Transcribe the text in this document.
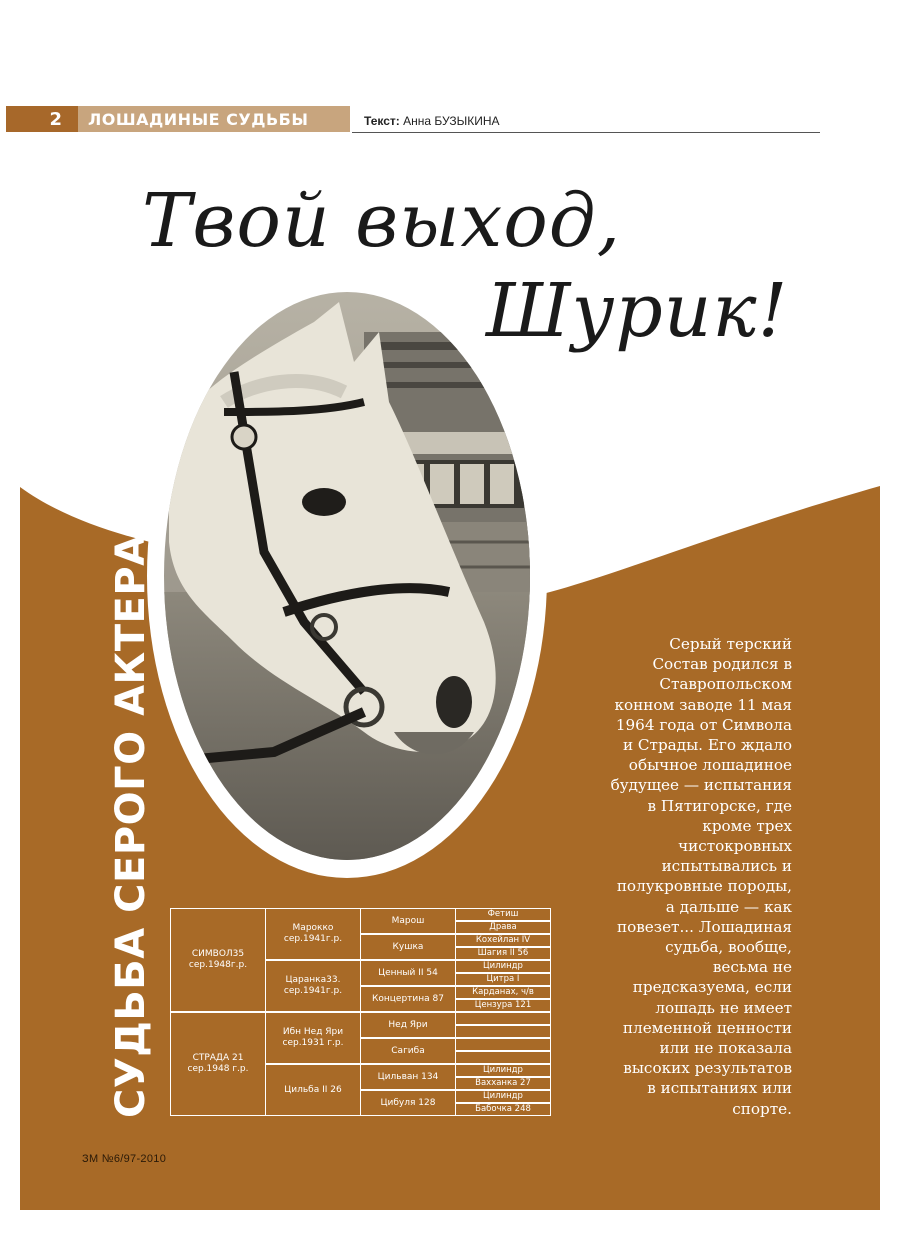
2 ЛОШАДИНЫЕ СУДЬБЫ	Текст: Анна БУЗЫКИНА
Твой выход,
Шурик!
СУДЬБА СЕРОГО АКТЕРА	СИМВОЛ35
сер.1948г.р.
СТРАДА 21
сер.1948 г.р.
Марокко
сер.1941г.р.
Царанка33.
сер.1941г.р.
Ибн Нед Яри
сер.1931 г.р.
Цильба II 26
Марош
Кушка
Ценный II 54
Концертина 87
Нед Яри
Сагиба
Цильван 134
Цибуля 128
Фетиш
Драва
Кохейлан IV
Шагия II 56
Цилиндр
Цитра I
Карданах, ч/в
Цензура 121
Цилиндр
Вахханка 27
Цилиндр
Бабочка 248
Серый терский
Состав родился в
Ставропольском
конном заводе 11 мая
1964 года от Символа
и Страды. Его ждало
обычное лошадиное
будущее — испытания
в Пятигорске, где
кроме трех
чистокровных
испытывались и
полукровные породы,
а дальше — как
повезет... Лошадиная
судьба, вообще,
весьма не
предсказуема, если
лошадь не имеет
племенной ценности
или не показала
высоких результатов
в испытаниях или
спорте.
ЗМ №6/97-2010
